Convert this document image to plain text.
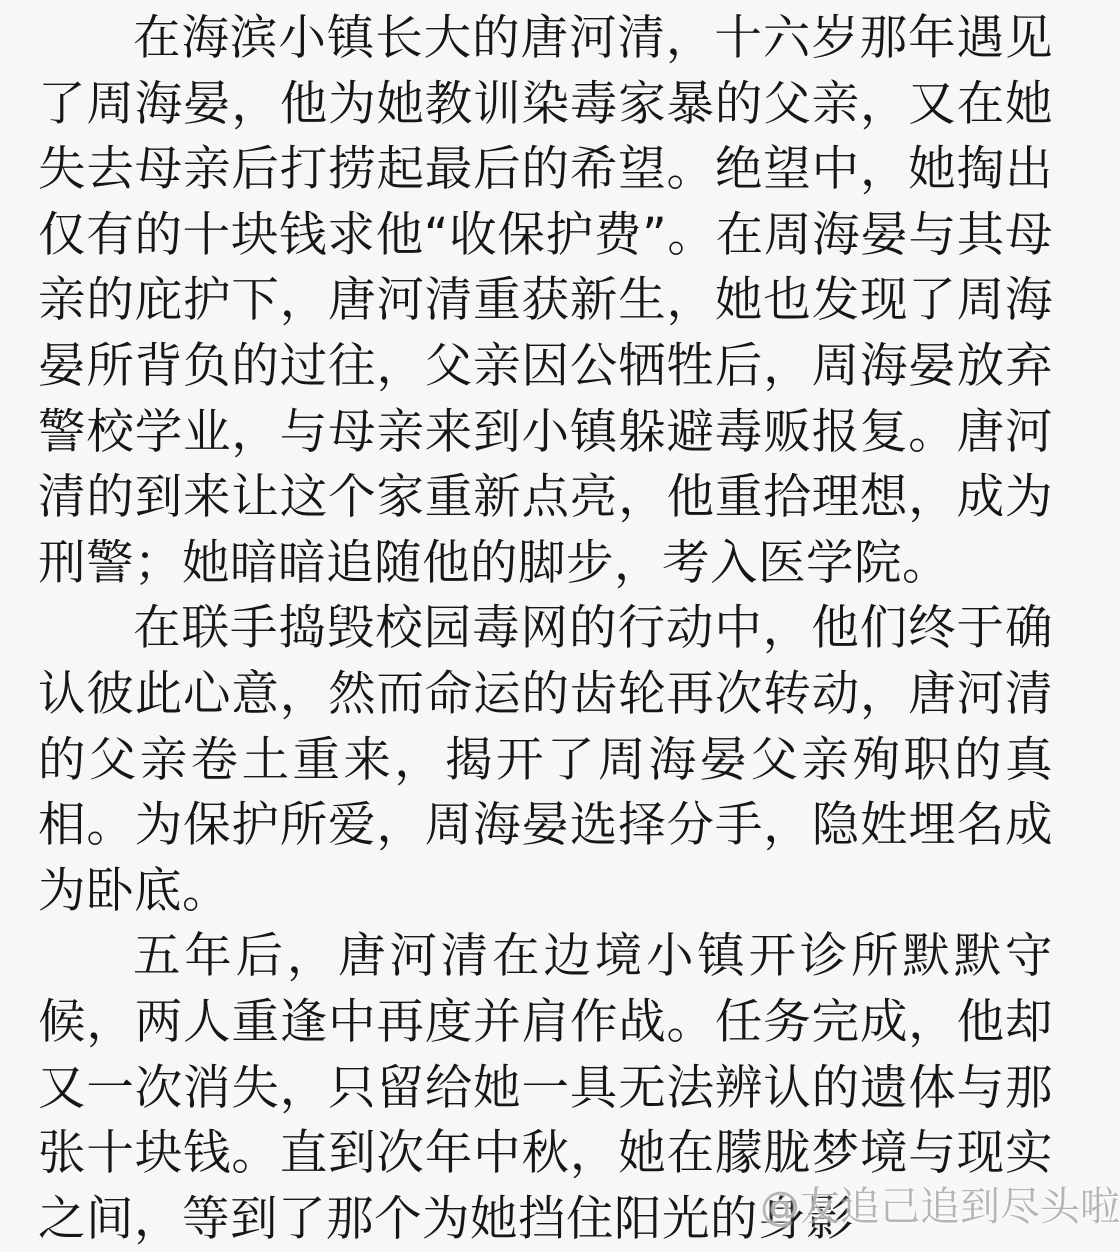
在海滨小镇长大的唐河清，十六岁那年遇见了周海晏，他为她教训染毒家暴的父亲，又在她失去母亲后打捞起最后的希望。绝望中，她掏出仅有的十块钱求他“收保护费”。在周海晏与其母亲的庇护下，唐河清重获新生，她也发现了周海晏所背负的过往，父亲因公牺牲后，周海晏放弃警校学业，与母亲来到小镇躲避毒贩报复。唐河清的到来让这个家重新点亮，他重拾理想，成为刑警；她暗暗追随他的脚步，考入医学院。

在联手捣毁校园毒网的行动中，他们终于确认彼此心意，然而命运的齿轮再次转动，唐河清的父亲卷土重来，揭开了周海晏父亲殉职的真相。为保护所爱，周海晏选择分手，隐姓埋名成为卧底。

五年后，唐河清在边境小镇开诊所默默守候，两人重逢中再度并肩作战。任务完成，他却又一次消失，只留给她一具无法辨认的遗体与那张十块钱。直到次年中秋，她在朦胧梦境与现实之间，等到了那个为她挡住阳光的身影

@友追己追到尽头啦
